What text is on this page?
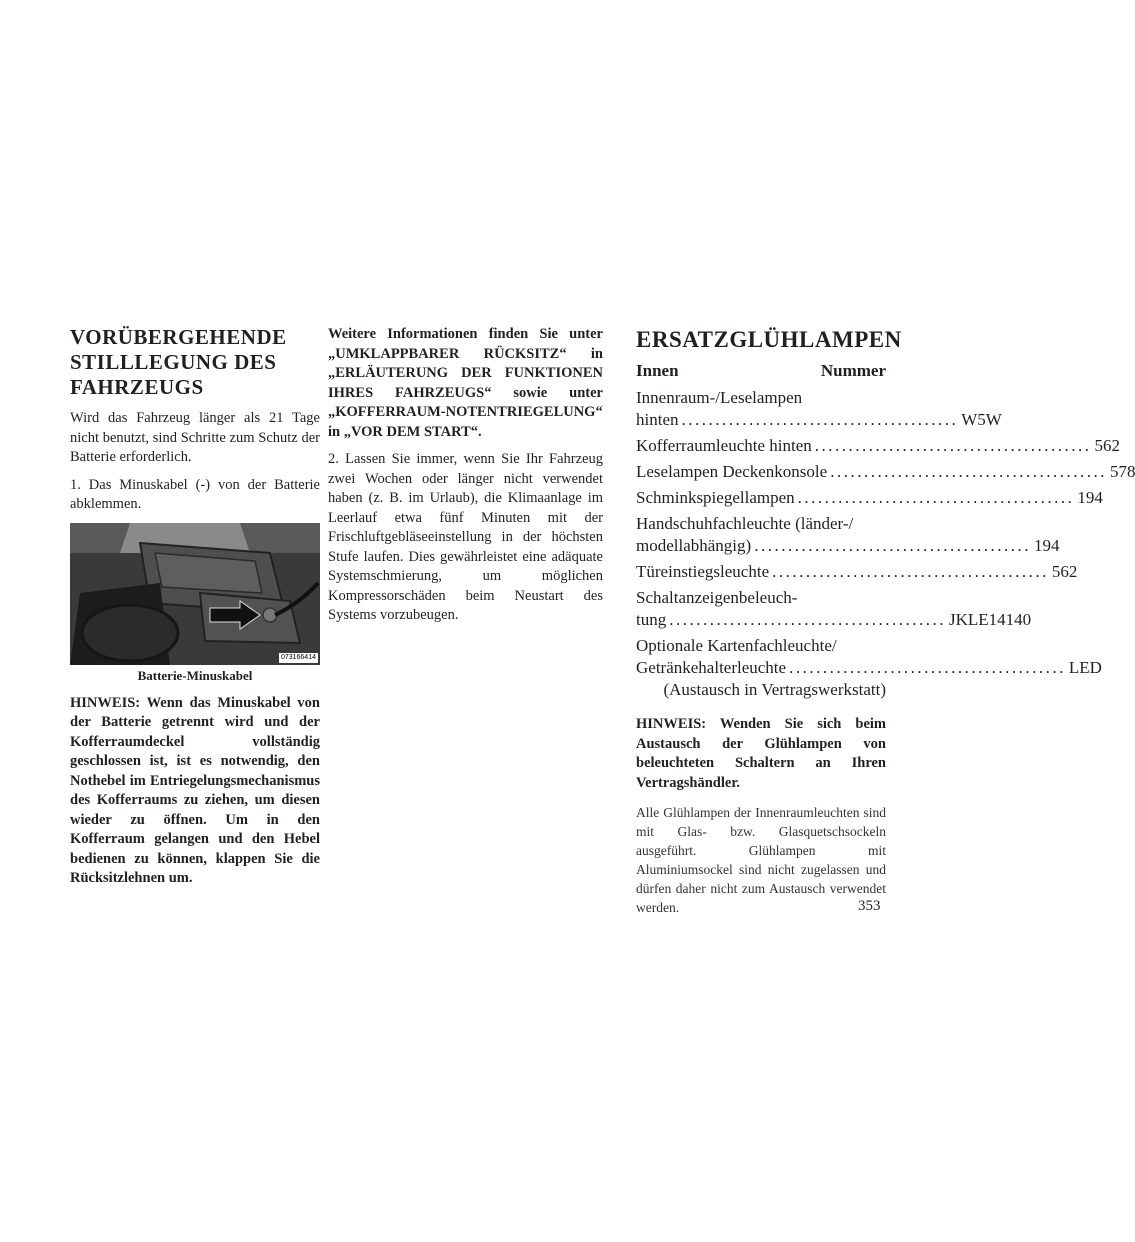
VORÜBERGEHENDE STILLLEGUNG DES FAHRZEUGS

Wird das Fahrzeug länger als 21 Tage nicht benutzt, sind Schritte zum Schutz der Batterie erforderlich.

1. Das Minuskabel (-) von der Batterie abklemmen.

073166414
Batterie-Minuskabel

HINWEIS: Wenn das Minuskabel von der Batterie getrennt wird und der Kofferraumdeckel vollständig geschlossen ist, ist es notwendig, den Nothebel im Entriegelungsmechanismus des Kofferraums zu ziehen, um diesen wieder zu öffnen. Um in den Kofferraum gelangen und den Hebel bedienen zu können, klappen Sie die Rücksitzlehnen um.

Weitere Informationen finden Sie unter „UMKLAPPBARER RÜCKSITZ“ in „ERLÄUTERUNG DER FUNKTIONEN IHRES FAHRZEUGS“ sowie unter „KOFFERRAUM-NOTENTRIEGELUNG“ in „VOR DEM START“.

2. Lassen Sie immer, wenn Sie Ihr Fahrzeug zwei Wochen oder länger nicht verwendet haben (z. B. im Urlaub), die Klimaanlage im Leerlauf etwa fünf Minuten mit der Frischluftgebläseeinstellung in der höchsten Stufe laufen. Dies gewährleistet eine adäquate Systemschmierung, um möglichen Kompressorschäden beim Neustart des Systems vorzubeugen.

ERSATZGLÜHLAMPEN
Innen	Nummer
Innenraum-/Leselampen
hinten ......................................... W5W
Kofferraumleuchte hinten ......................................... 562
Leselampen Deckenkonsole ......................................... 578
Schminkspiegellampen ......................................... 194
Handschuhfachleuchte (länder-/
modellabhängig) ......................................... 194
Türeinstiegsleuchte ......................................... 562
Schaltanzeigenbeleuch-
tung ......................................... JKLE14140
Optionale Kartenfachleuchte/
Getränkehalterleuchte ......................................... LED
(Austausch in Vertragswerkstatt)

HINWEIS: Wenden Sie sich beim Austausch der Glühlampen von beleuchteten Schaltern an Ihren Vertragshändler.

Alle Glühlampen der Innenraumleuchten sind mit Glas- bzw. Glasquetschsockeln ausgeführt. Glühlampen mit Aluminiumsockel sind nicht zugelassen und dürfen daher nicht zum Austausch verwendet werden.	353
